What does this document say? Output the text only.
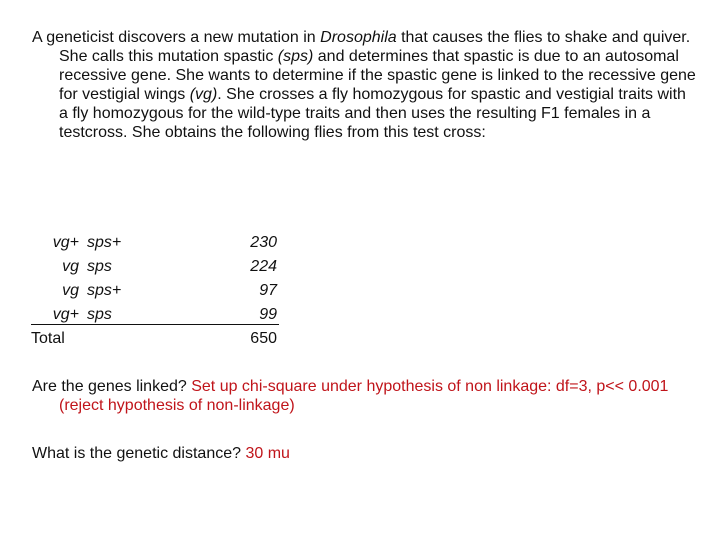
A geneticist discovers a new mutation in Drosophila that causes the flies to shake and quiver. She calls this mutation spastic (sps) and determines that spastic is due to an autosomal recessive gene. She wants to determine if the spastic gene is linked to the recessive gene for vestigial wings (vg). She crosses a fly homozygous for spastic and vestigial traits with a fly homozygous for the wild-type traits and then uses the resulting F1 females in a testcross. She obtains the following flies from this test cross:
vg+ sps+	230
vg sps	224
vg sps+	97
vg+ sps	99
Total	650
Are the genes linked? Set up chi-square under hypothesis of non linkage: df=3, p<< 0.001 (reject hypothesis of non-linkage)
What is the genetic distance? 30 mu
